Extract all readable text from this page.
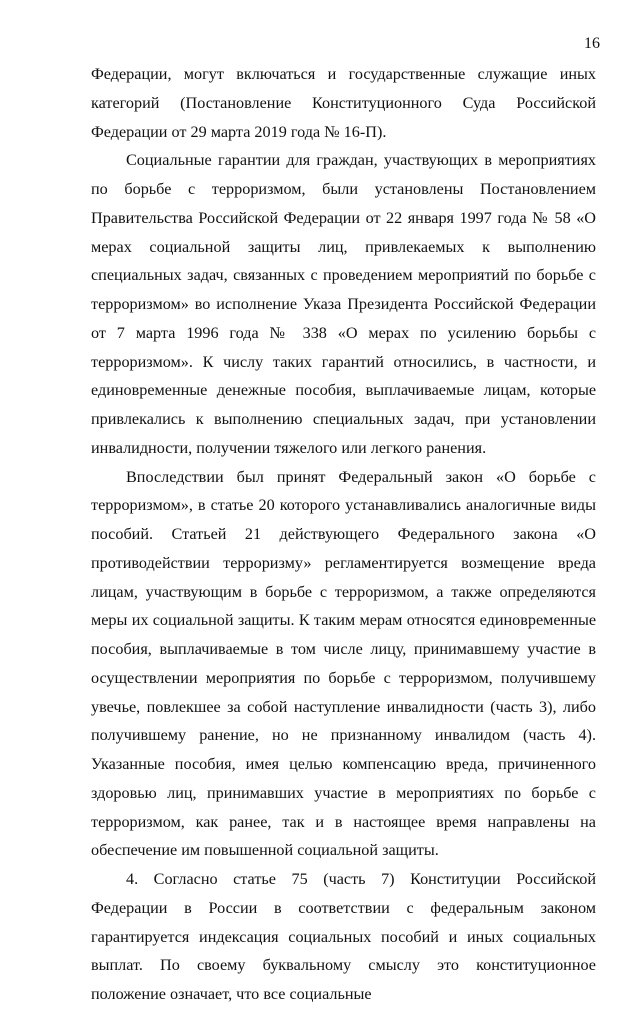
16

Федерации, могут включаться и государственные служащие иных категорий (Постановление Конституционного Суда Российской Федерации от 29 марта 2019 года № 16-П).

Социальные гарантии для граждан, участвующих в мероприятиях по борьбе с терроризмом, были установлены Постановлением Правительства Российской Федерации от 22 января 1997 года № 58 «О мерах социальной защиты лиц, привлекаемых к выполнению специальных задач, связанных с проведением мероприятий по борьбе с терроризмом» во исполнение Указа Президента Российской Федерации от 7 марта 1996 года № 338 «О мерах по усилению борьбы с терроризмом». К числу таких гарантий относились, в частности, и единовременные денежные пособия, выплачиваемые лицам, которые привлекались к выполнению специальных задач, при установлении инвалидности, получении тяжелого или легкого ранения.

Впоследствии был принят Федеральный закон «О борьбе с терроризмом», в статье 20 которого устанавливались аналогичные виды пособий. Статьей 21 действующего Федерального закона «О противодействии терроризму» регламентируется возмещение вреда лицам, участвующим в борьбе с терроризмом, а также определяются меры их социальной защиты. К таким мерам относятся единовременные пособия, выплачиваемые в том числе лицу, принимавшему участие в осуществлении мероприятия по борьбе с терроризмом, получившему увечье, повлекшее за собой наступление инвалидности (часть 3), либо получившему ранение, но не признанному инвалидом (часть 4). Указанные пособия, имея целью компенсацию вреда, причиненного здоровью лиц, принимавших участие в мероприятиях по борьбе с терроризмом, как ранее, так и в настоящее время направлены на обеспечение им повышенной социальной защиты.

4. Согласно статье 75 (часть 7) Конституции Российской Федерации в России в соответствии с федеральным законом гарантируется индексация социальных пособий и иных социальных выплат. По своему буквальному смыслу это конституционное положение означает, что все социальные
